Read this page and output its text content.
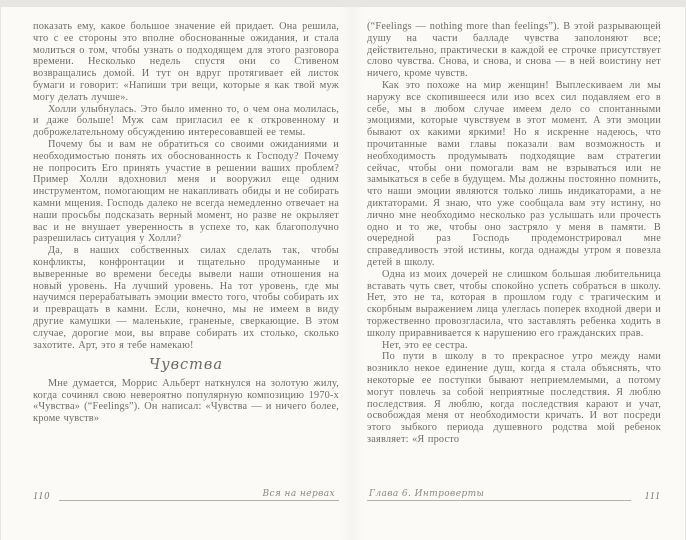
показать ему, какое большое значение ей придает. Она решила, что с ее стороны это вполне обоснованные ожидания, и стала молиться о том, чтобы узнать о подходящем для этого разговора времени. Несколько недель спустя они со Стивеном возвращались домой. И тут он вдруг протягивает ей листок бумаги и говорит: «Напиши три вещи, которые я как твой муж могу делать лучше».

Холли улыбнулась. Это было именно то, о чем она молилась, и даже больше! Муж сам пригласил ее к откровенному и доброжелательному обсуждению интересовавшей ее темы.

Почему бы и вам не обратиться со своими ожиданиями и необходимостью понять их обоснованность к Господу? Почему не попросить Его принять участие в решении ваших проблем? Пример Холли вдохновил меня и вооружил еще одним инструментом, помогающим не накапливать обиды и не собирать камни мщения. Господь далеко не всегда немедленно отвечает на наши просьбы подсказать верный момент, но разве не окрыляет вас и не внушает уверенность в успехе то, как благополучно разрешилась ситуация у Холли?

Да, в наших собственных силах сделать так, чтобы конфликты, конфронтации и тщательно продуманные и выверенные во времени беседы вывели наши отношения на новый уровень. На лучший уровень. На тот уровень, где мы научимся перерабатывать эмоции вместо того, чтобы собирать их и превращать в камни. Если, конечно, мы не имеем в виду другие камушки — маленькие, граненые, сверкающие. В этом случае, дорогие мои, вы вправе собирать их столько, сколько захотите. Арт, это я тебе намекаю!

Чувства

Мне думается, Моррис Альберт наткнулся на золотую жилу, когда сочинял свою невероятно популярную композицию 1970-х «Чувства» (“Feelings”). Он написал: «Чувства — и ничего более, кроме чувств»

(“Feelings — nothing more than feelings”). В этой разрывающей душу на части балладе чувства заполоняют все; действительно, практически в каждой ее строчке присутствует слово чувства. Снова, и снова, и снова — в ней воистину нет ничего, кроме чувств.

Как это похоже на мир женщин! Выплескиваем ли мы наружу все скопившееся или изо всех сил подавляем его в себе, мы в любом случае имеем дело со спонтанными эмоциями, которые чувствуем в этот момент. А эти эмоции бывают ох какими яркими! Но я искренне надеюсь, что прочитанные вами главы показали вам возможность и необходимость продумывать подходящие вам стратегии сейчас, чтобы они помогали вам не взрываться или не замыкаться в себе в будущем. Мы должны постоянно помнить, что наши эмоции являются только лишь индикаторами, а не диктаторами. Я знаю, что уже сообщала вам эту истину, но лично мне необходимо несколько раз услышать или прочесть одно и то же, чтобы оно застряло у меня в памяти. В очередной раз Господь продемонстрировал мне справедливость этой истины, когда однажды утром я повезла детей в школу.

Одна из моих дочерей не слишком большая любительница вставать чуть свет, чтобы спокойно успеть собраться в школу. Нет, это не та, которая в прошлом году с трагическим и скорбным выражением лица улеглась поперек входной двери и торжественно провозгласила, что заставлять ребенка ходить в школу приравнивается к нарушению его гражданских прав.

Нет, это ее сестра.

По пути в школу в то прекрасное утро между нами возникло некое единение душ, когда я стала объяснять, что некоторые ее поступки бывают неприемлемыми, а потому могут повлечь за собой неприятные последствия. Я люблю последствия. Я люблю, когда последствия карают и учат, освобождая меня от необходимости кричать. И вот посреди этого зыбкого периода душевного родства мой ребенок заявляет: «Я просто

110	Вся на нервах	Глава 6. Интроверты	111
